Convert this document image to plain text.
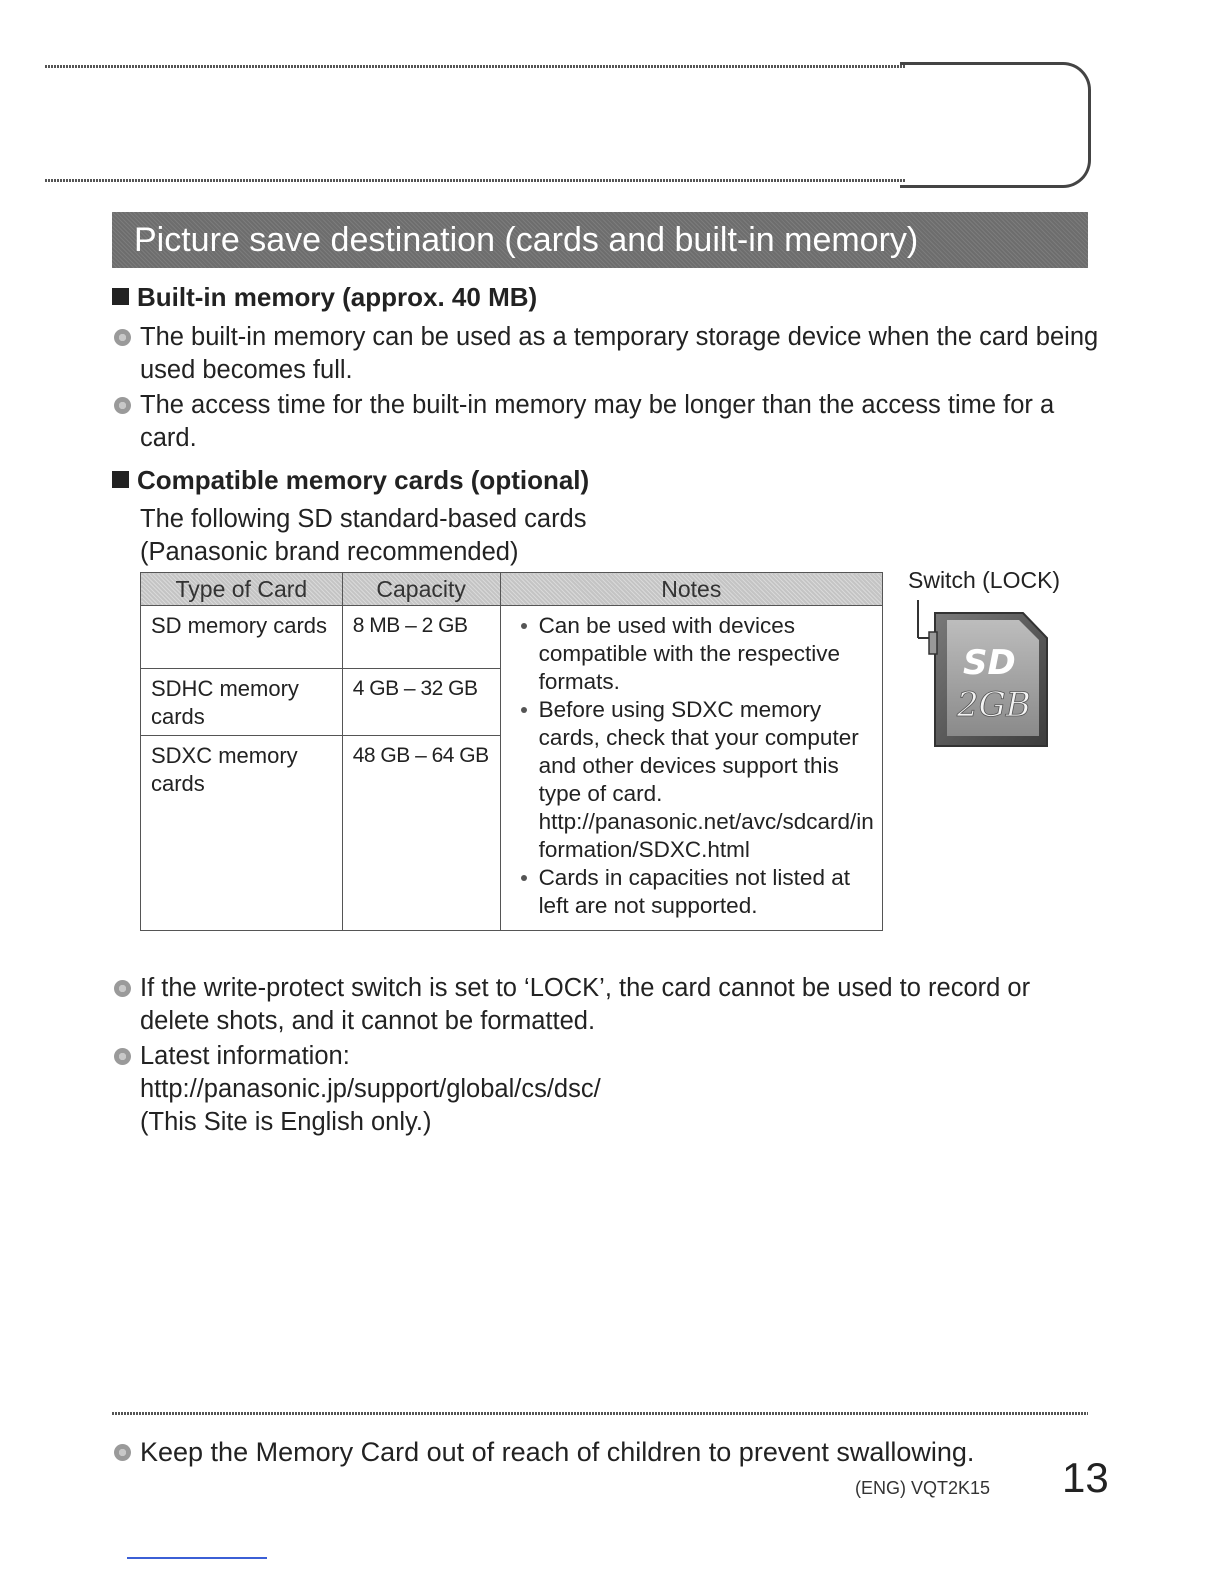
Picture save destination (cards and built-in memory)
Built-in memory (approx. 40 MB)
The built-in memory can be used as a temporary storage device when the card being used becomes full.
The access time for the built-in memory may be longer than the access time for a card.
Compatible memory cards (optional)
The following SD standard-based cards
(Panasonic brand recommended)
Type of Card	Capacity	Notes
SD memory cards	8 MB – 2 GB	Can be used with devices compatible with the respective formats.
Before using SDXC memory cards, check that your computer and other devices support this type of card. http://panasonic.net/avc/sdcard/information/SDXC.html
Cards in capacities not listed at left are not supported.

SDHC memory cards	4 GB – 32 GB	
SDXC memory cards	48 GB – 64 GB	
Switch (LOCK)
SD
2GB
If the write-protect switch is set to ‘LOCK’, the card cannot be used to record or delete shots, and it cannot be formatted.
Latest information:
http://panasonic.jp/support/global/cs/dsc/
(This Site is English only.)
Keep the Memory Card out of reach of children to prevent swallowing.
(ENG) VQT2K15 13
